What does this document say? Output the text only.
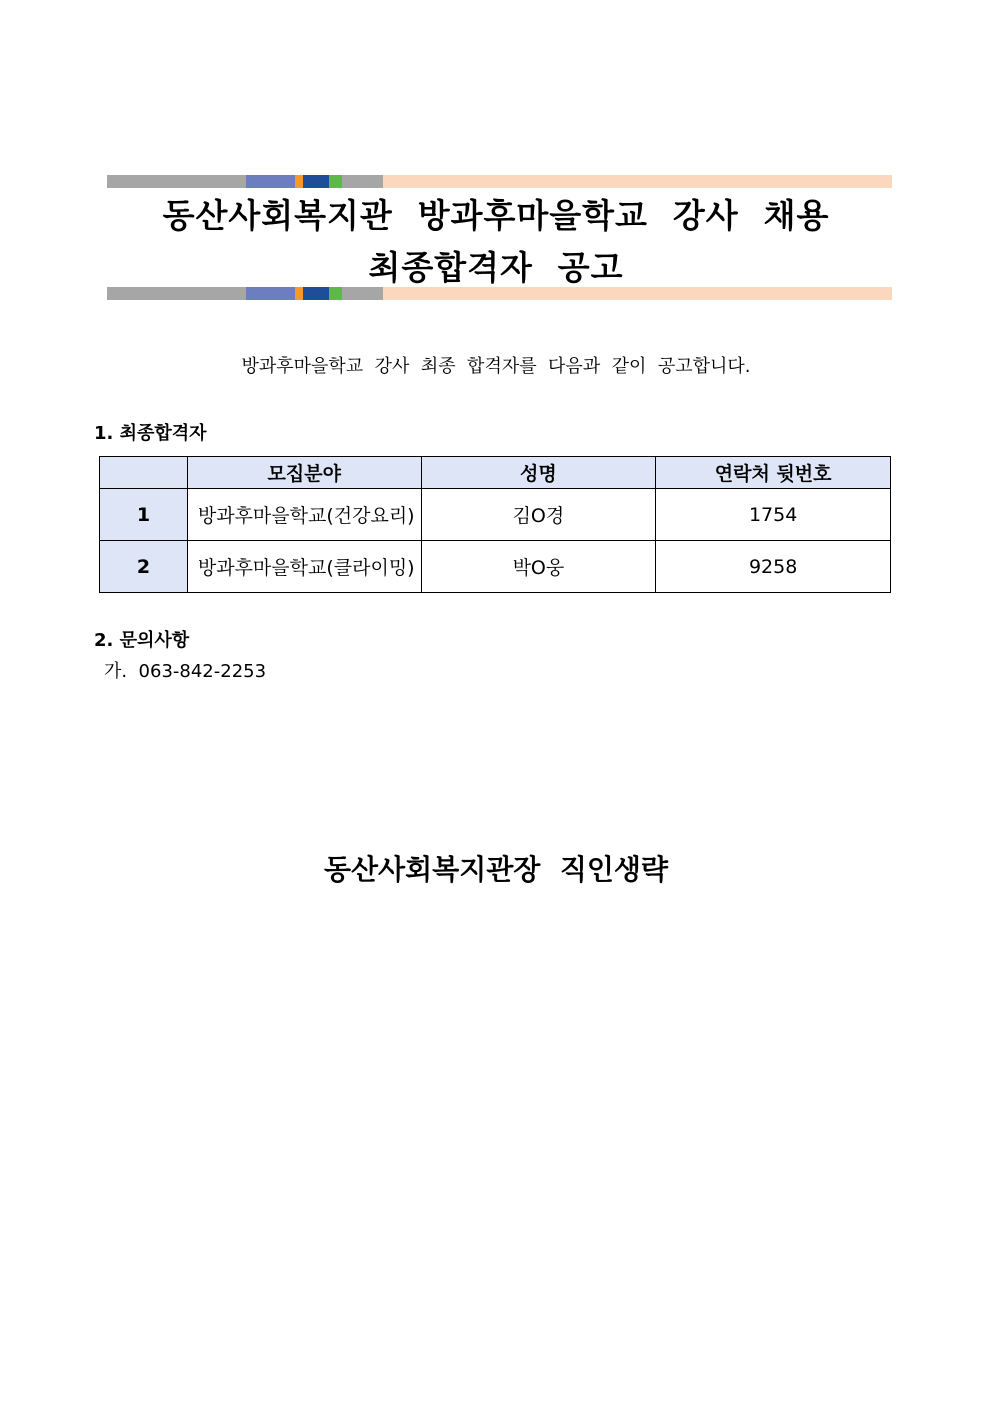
동산사회복지관  방과후마을학교  강사  채용
최종합격자  공고
방과후마을학교  강사  최종  합격자를  다음과  같이  공고합니다.
1. 최종합격자
	모집분야	성명	연락처 뒷번호
1	방과후마을학교(건강요리)	김O경	1754
2	방과후마을학교(클라이밍)	박O웅	9258
2. 문의사항
가.  063-842-2253
동산사회복지관장  직인생략
